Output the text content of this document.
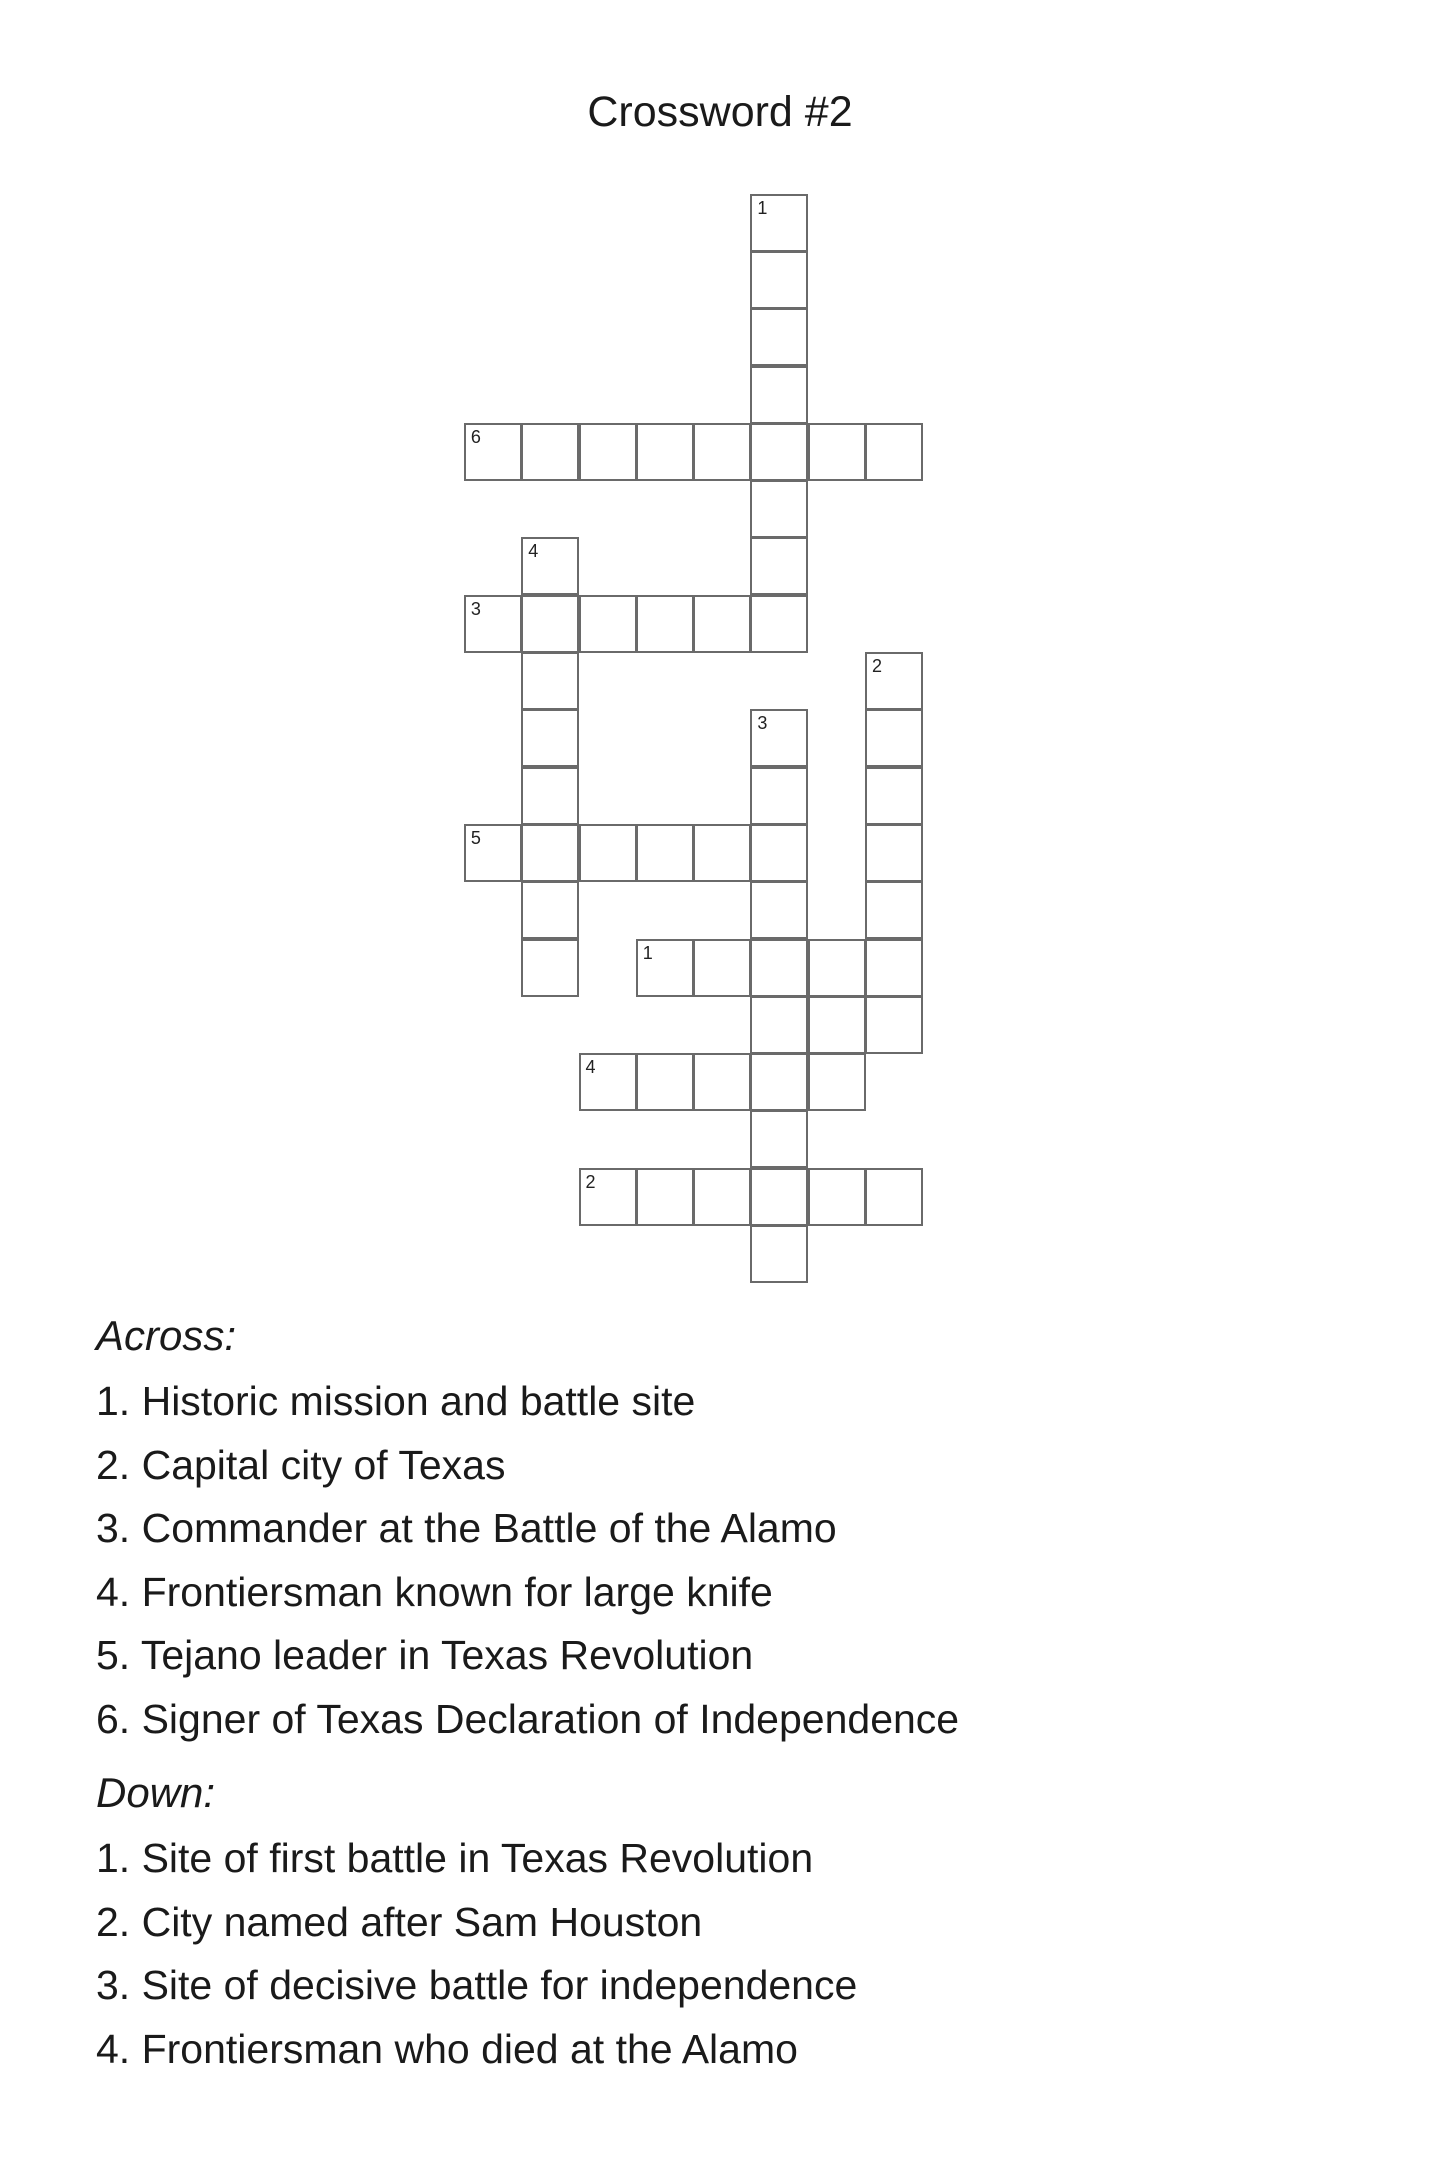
Crossword #2
1
6
4
3
2
3
5
1
4
2
Across:
1. Historic mission and battle site
2. Capital city of Texas
3. Commander at the Battle of the Alamo
4. Frontiersman known for large knife
5. Tejano leader in Texas Revolution
6. Signer of Texas Declaration of Independence
Down:
1. Site of first battle in Texas Revolution
2. City named after Sam Houston
3. Site of decisive battle for independence
4. Frontiersman who died at the Alamo
